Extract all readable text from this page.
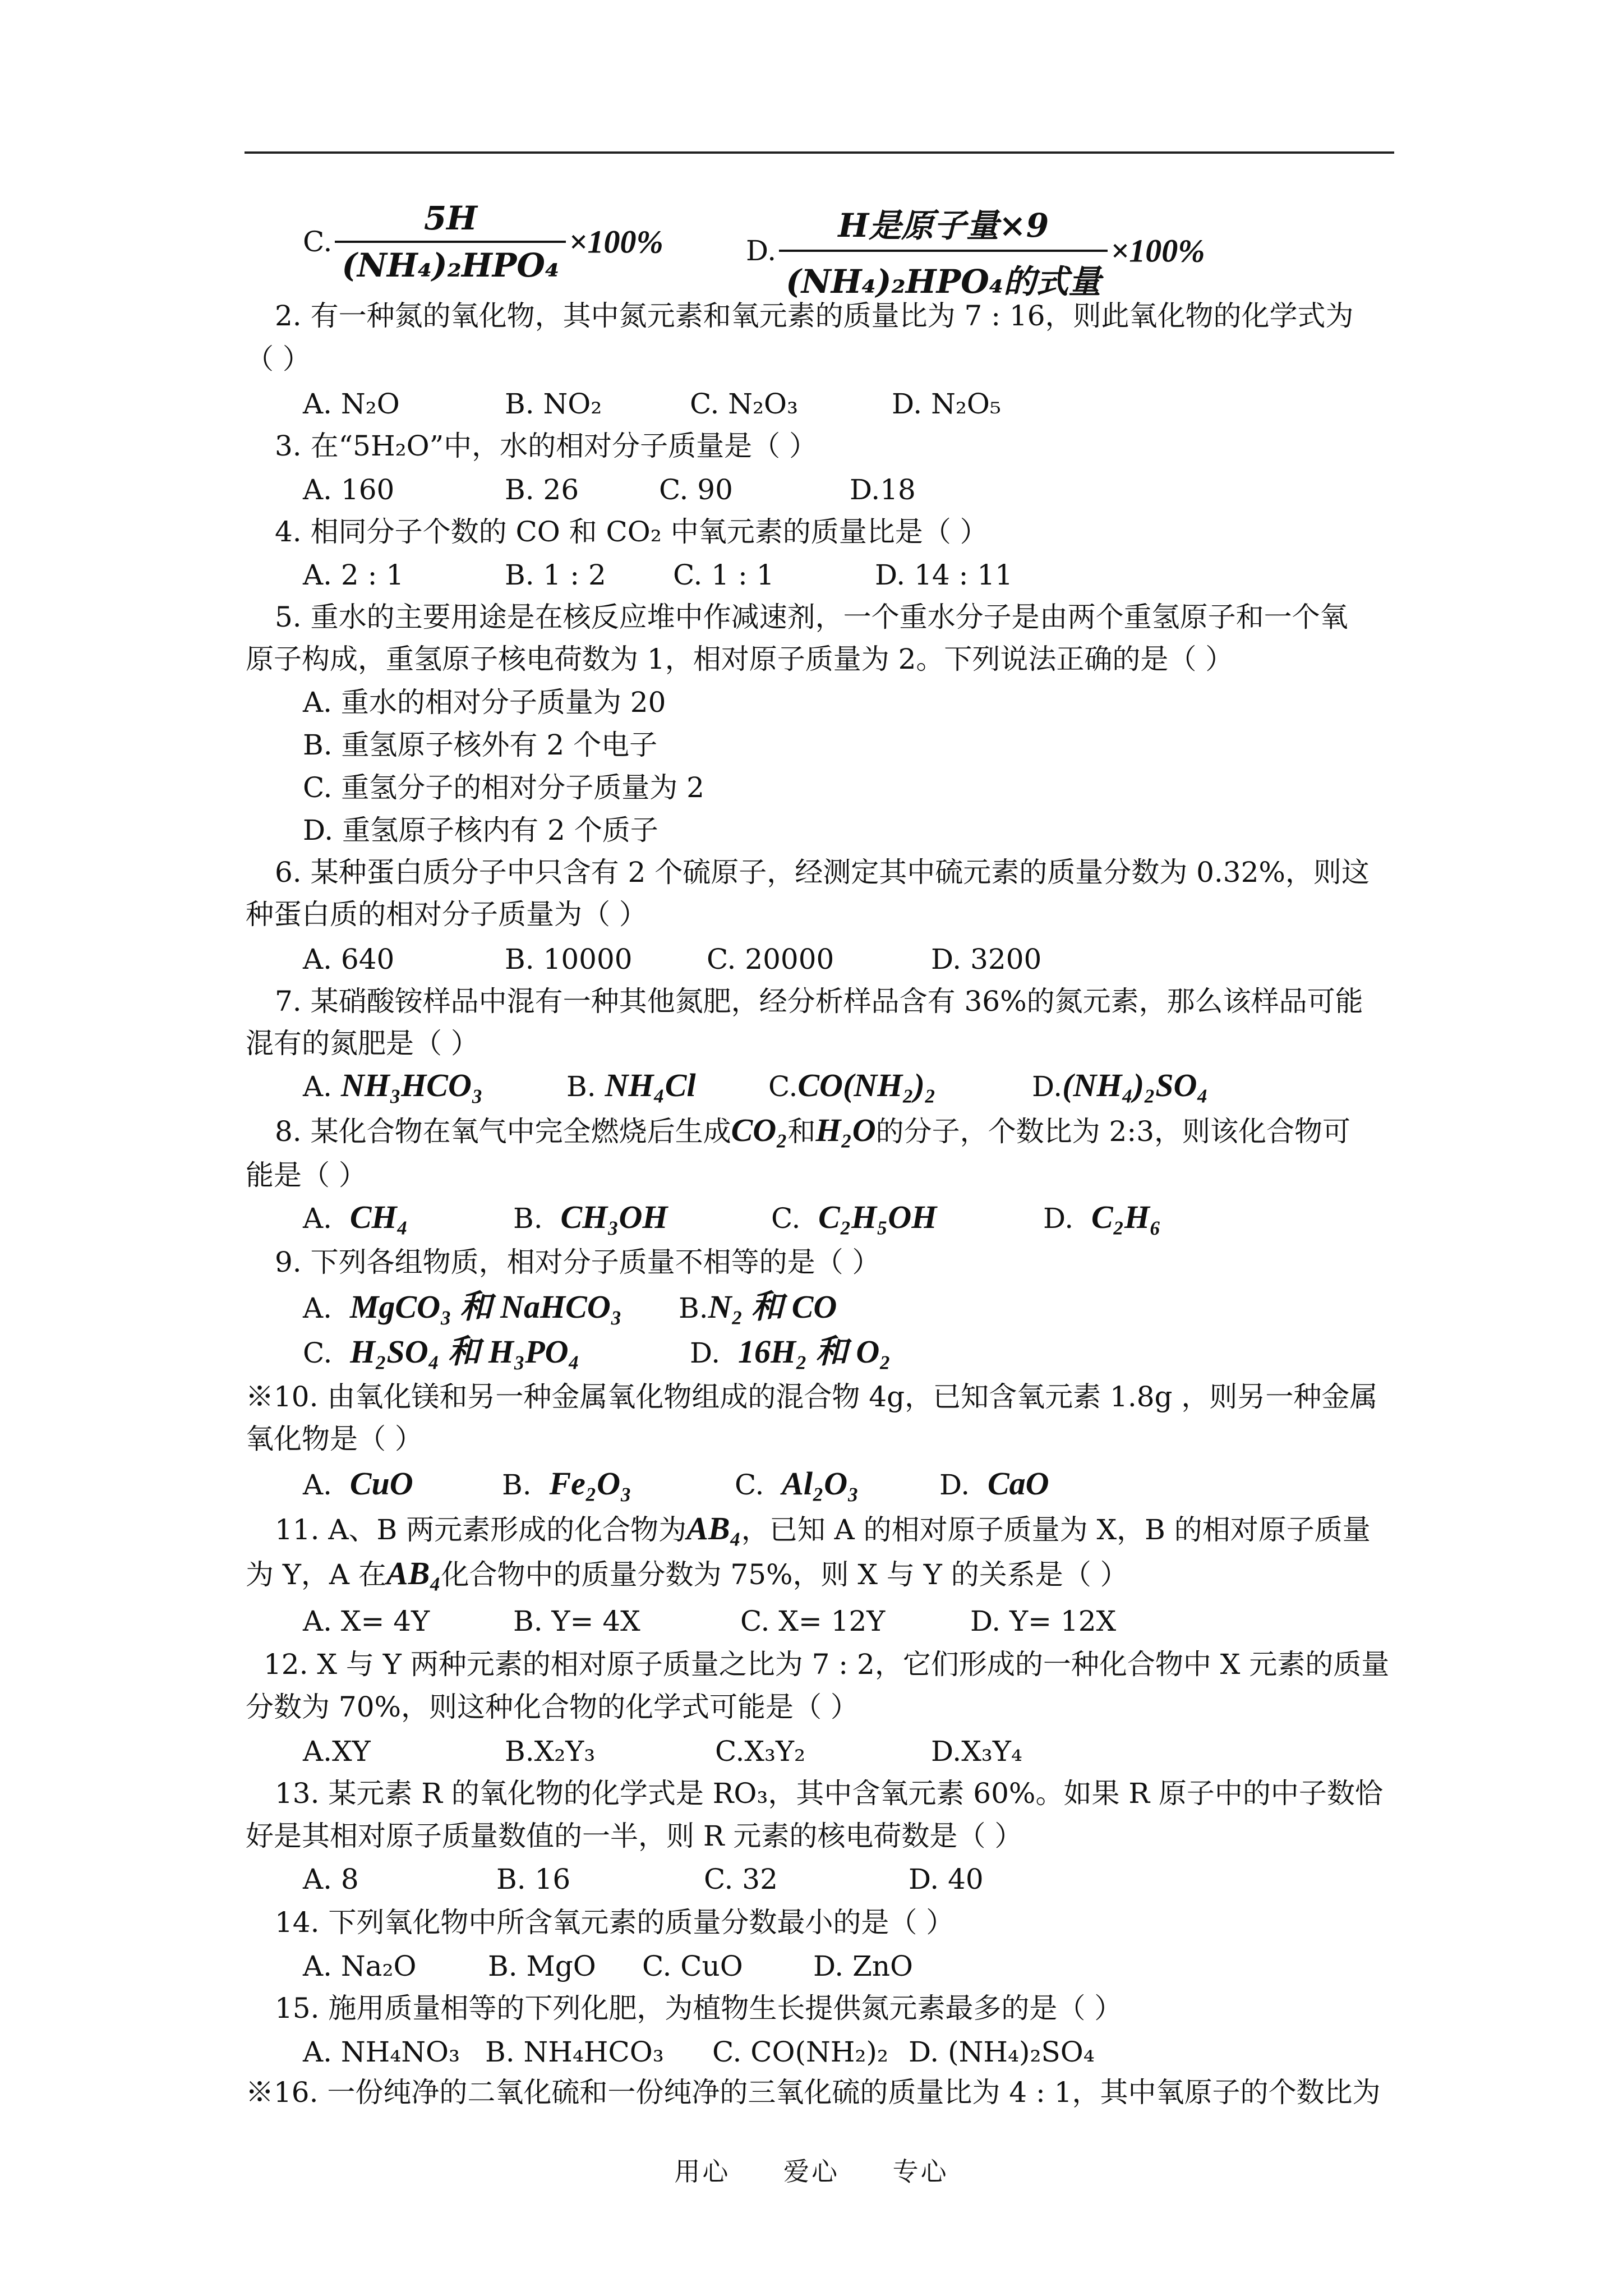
C. $\frac{5H}{\text{(NH₄)₂HPO₄}} \times 100\%$	D. $\frac{\text{H是原子量×9}}{\text{(NH₄)₂HPO₄的式量}} \times 100\%$
2. 有一种氮的氧化物，其中氮元素和氧元素的质量比为 7 : 16，则此氧化物的化学式为
（ ）
A. N₂O	B. NO₂	C. N₂O₃	D. N₂O₅
3. 在“5H₂O”中，水的相对分子质量是（ ）
A. 160	B. 26	C. 90	D.18
4. 相同分子个数的 CO 和 CO₂ 中氧元素的质量比是（ ）
A. 2 : 1	B. 1 : 2 C. 1 : 1	D. 14 : 11
5. 重水的主要用途是在核反应堆中作减速剂，一个重水分子是由两个重氢原子和一个氧
原子构成，重氢原子核电荷数为 1，相对原子质量为 2。下列说法正确的是（ ）
A. 重水的相对分子质量为 20
B. 重氢原子核外有 2 个电子
C. 重氢分子的相对分子质量为 2
D. 重氢原子核内有 2 个质子
6. 某种蛋白质分子中只含有 2 个硫原子，经测定其中硫元素的质量分数为 0.32%，则这
种蛋白质的相对分子质量为（ ）
A. 640	B. 10000	C. 20000	D. 3200
7. 某硝酸铵样品中混有一种其他氮肥，经分析样品含有 36%的氮元素，那么该样品可能
混有的氮肥是（ ）
A. NH₃HCO₃	B. NH₄Cl	C.CO(NH₂)₂	D.(NH₄)₂SO₄
8. 某化合物在氧气中完全燃烧后生成CO₂和H₂O的分子，个数比为 2:3，则该化合物可
能是（ ）
A. CH₄	B. CH₃OH	C. C₂H₅OH	D. C₂H₆
9. 下列各组物质，相对分子质量不相等的是（ ）
A. MgCO₃ 和 NaHCO₃ B.N₂ 和 CO
C. H₂SO₄ 和 H₃PO₄	D. 16H₂ 和 O₂
※10. 由氧化镁和另一种金属氧化物组成的混合物 4g，已知含氧元素 1.8g ，则另一种金属
氧化物是（ ）
A. CuO	B. Fe₂O₃	C. Al₂O₃	D. CaO
11. A、B 两元素形成的化合物为AB₄，已知 A 的相对原子质量为 X，B 的相对原子质量
为 Y，A 在AB₄化合物中的质量分数为 75%，则 X 与 Y 的关系是（ ）
A. X= 4Y	B. Y= 4X	C. X= 12Y	D. Y= 12X
12. X 与 Y 两种元素的相对原子质量之比为 7 : 2，它们形成的一种化合物中 X 元素的质量
分数为 70%，则这种化合物的化学式可能是（ ）
A.XY	B.X₂Y₃	C.X₃Y₂	D.X₃Y₄
13. 某元素 R 的氧化物的化学式是 RO₃，其中含氧元素 60%。如果 R 原子中的中子数恰
好是其相对原子质量数值的一半，则 R 元素的核电荷数是（ ）
A. 8	B. 16	C. 32	D. 40
14. 下列氧化物中所含氧元素的质量分数最小的是（ ）
A. Na₂O	B. MgO C. CuO	D. ZnO
15. 施用质量相等的下列化肥，为植物生长提供氮元素最多的是（ ）
A. NH₄NO₃ B. NH₄HCO₃ C. CO(NH₂)₂ D. (NH₄)₂SO₄
※16. 一份纯净的二氧化硫和一份纯净的三氧化硫的质量比为 4 : 1，其中氧原子的个数比为
用心 爱心 专心
